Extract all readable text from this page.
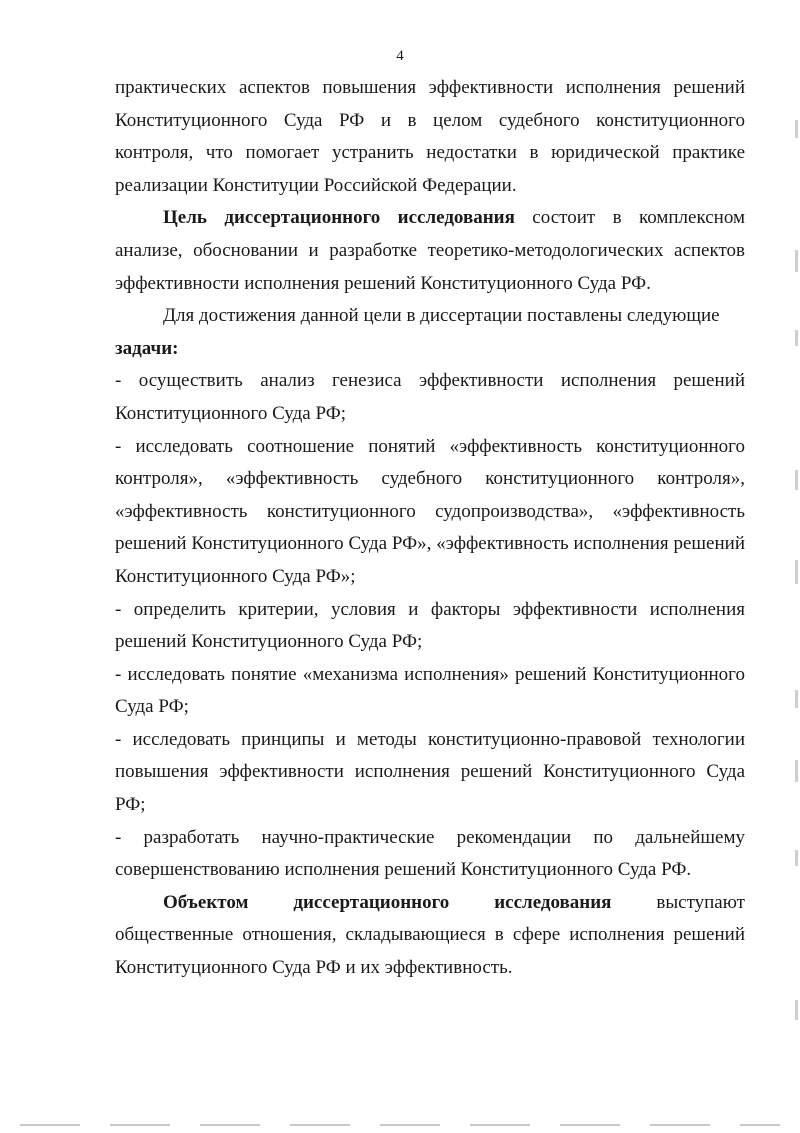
4

практических аспектов повышения эффективности исполнения решений Конституционного Суда РФ и в целом судебного конституционного контроля, что помогает устранить недостатки в юридической практике реализации Конституции Российской Федерации.

Цель диссертационного исследования состоит в комплексном анализе, обосновании и разработке теоретико-методологических аспектов эффективности исполнения решений Конституционного Суда РФ.

Для достижения данной цели в диссертации поставлены следующие

задачи:

- осуществить анализ генезиса эффективности исполнения решений Конституционного Суда РФ;

- исследовать соотношение понятий «эффективность конституционного контроля», «эффективность судебного конституционного контроля», «эффективность конституционного судопроизводства», «эффективность решений Конституционного Суда РФ», «эффективность исполнения решений Конституционного Суда РФ»;

- определить критерии, условия и факторы эффективности исполнения решений Конституционного Суда РФ;

- исследовать понятие «механизма исполнения» решений Конституционного Суда РФ;

- исследовать принципы и методы конституционно-правовой технологии повышения эффективности исполнения решений Конституционного Суда РФ;

- разработать научно-практические рекомендации по дальнейшему совершенствованию исполнения решений Конституционного Суда РФ.

Объектом диссертационного исследования выступают общественные отношения, складывающиеся в сфере исполнения решений Конституционного Суда РФ и их эффективность.
